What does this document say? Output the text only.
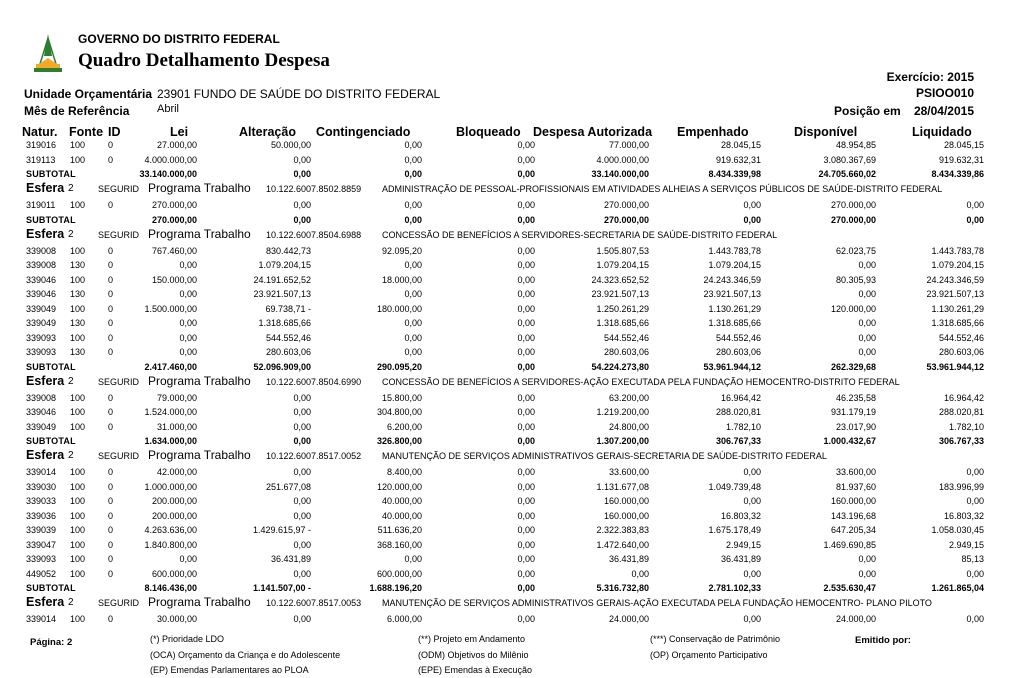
GOVERNO DO DISTRITO FEDERAL
Quadro Detalhamento Despesa
Exercício: 2015
PSIOO010
Unidade Orçamentária 23901 FUNDO DE SAÚDE DO DISTRITO FEDERAL
Mês de Referência	Abril	Posição em 28/04/2015
Natur. Fonte ID	Lei	Alteração Contingenciado	Bloqueado Despesa Autorizada Empenhado	Disponível	Liquidado
319016 100	0	27.000,00	50.000,00	0,00	0,00	77.000,00	28.045,15	48.954,85	28.045,15
319113 100	0	4.000.000,00	0,00	0,00	0,00	4.000.000,00	919.632,31	3.080.367,69	919.632,31
SUBTOTAL	33.140.000,00	0,00	0,00	0,00	33.140.000,00	8.434.339,98	24.705.660,02	8.434.339,86
Esfera 2	SEGURID Programa Trabalho 10.122.6007.8502.8859 ADMINISTRAÇÃO DE PESSOAL-PROFISSIONAIS EM ATIVIDADES ALHEIAS A SERVIÇOS PÚBLICOS DE SAÚDE-DISTRITO FEDERAL
319011 100	0	270.000,00	0,00	0,00	0,00	270.000,00	0,00	270.000,00	0,00
SUBTOTAL	270.000,00	0,00	0,00	0,00	270.000,00	0,00	270.000,00	0,00
Esfera 2	SEGURID Programa Trabalho 10.122.6007.8504.6988 CONCESSÃO DE BENEFÍCIOS A SERVIDORES-SECRETARIA DE SAÚDE-DISTRITO FEDERAL
339008 100	0	767.460,00	830.442,73	92.095,20	0,00	1.505.807,53	1.443.783,78	62.023,75	1.443.783,78
339008 130	0	0,00	1.079.204,15	0,00	0,00	1.079.204,15	1.079.204,15	0,00	1.079.204,15
339046 100	0	150.000,00	24.191.652,52	18.000,00	0,00	24.323.652,52	24.243.346,59	80.305,93	24.243.346,59
339046 130	0	0,00	23.921.507,13	0,00	0,00	23.921.507,13	23.921.507,13	0,00	23.921.507,13
339049 100	0	1.500.000,00	69.738,71 -	180.000,00	0,00	1.250.261,29	1.130.261,29	120.000,00	1.130.261,29
339049 130	0	0,00	1.318.685,66	0,00	0,00	1.318.685,66	1.318.685,66	0,00	1.318.685,66
339093 100	0	0,00	544.552,46	0,00	0,00	544.552,46	544.552,46	0,00	544.552,46
339093 130	0	0,00	280.603,06	0,00	0,00	280.603,06	280.603,06	0,00	280.603,06
SUBTOTAL	2.417.460,00	52.096.909,00	290.095,20	0,00	54.224.273,80	53.961.944,12	262.329,68	53.961.944,12
Esfera 2	SEGURID Programa Trabalho 10.122.6007.8504.6990 CONCESSÃO DE BENEFÍCIOS A SERVIDORES-AÇÃO EXECUTADA PELA FUNDAÇÃO HEMOCENTRO-DISTRITO FEDERAL
339008 100	0	79.000,00	0,00	15.800,00	0,00	63.200,00	16.964,42	46.235,58	16.964,42
339046 100	0	1.524.000,00	0,00	304.800,00	0,00	1.219.200,00	288.020,81	931.179,19	288.020,81
339049 100	0	31.000,00	0,00	6.200,00	0,00	24.800,00	1.782,10	23.017,90	1.782,10
SUBTOTAL	1.634.000,00	0,00	326.800,00	0,00	1.307.200,00	306.767,33	1.000.432,67	306.767,33
Esfera 2	SEGURID Programa Trabalho 10.122.6007.8517.0052 MANUTENÇÃO DE SERVIÇOS ADMINISTRATIVOS GERAIS-SECRETARIA DE SAÚDE-DISTRITO FEDERAL
339014 100	0	42.000,00	0,00	8.400,00	0,00	33.600,00	0,00	33.600,00	0,00
339030 100	0	1.000.000,00	251.677,08	120.000,00	0,00	1.131.677,08	1.049.739,48	81.937,60	183.996,99
339033 100	0	200.000,00	0,00	40.000,00	0,00	160.000,00	0,00	160.000,00	0,00
339036 100	0	200.000,00	0,00	40.000,00	0,00	160.000,00	16.803,32	143.196,68	16.803,32
339039 100	0	4.263.636,00	1.429.615,97 -	511.636,20	0,00	2.322.383,83	1.675.178,49	647.205,34	1.058.030,45
339047 100	0	1.840.800,00	0,00	368.160,00	0,00	1.472.640,00	2.949,15	1.469.690,85	2.949,15
339093 100	0	0,00	36.431,89	0,00	0,00	36.431,89	36.431,89	0,00	85,13
449052 100	0	600.000,00	0,00	600.000,00	0,00	0,00	0,00	0,00	0,00
SUBTOTAL	8.146.436,00	1.141.507,00 -	1.688.196,20	0,00	5.316.732,80	2.781.102,33	2.535.630,47	1.261.865,04
Esfera 2	SEGURID Programa Trabalho 10.122.6007.8517.0053 MANUTENÇÃO DE SERVIÇOS ADMINISTRATIVOS GERAIS-AÇÃO EXECUTADA PELA FUNDAÇÃO HEMOCENTRO- PLANO PILOTO
339014 100	0	30.000,00	0,00	6.000,00	0,00	24.000,00	0,00	24.000,00	0,00
Página: 2	(*) Prioridade LDO	(**) Projeto em Andamento	(***) Conservação de Patrimônio
(OCA) Orçamento da Criança e do Adolescente	(ODM) Objetivos do Milênio	(OP) Orçamento Participativo
(EP) Emendas Parlamentares ao PLOA	(EPE) Emendas à Execução
Emitido por:
